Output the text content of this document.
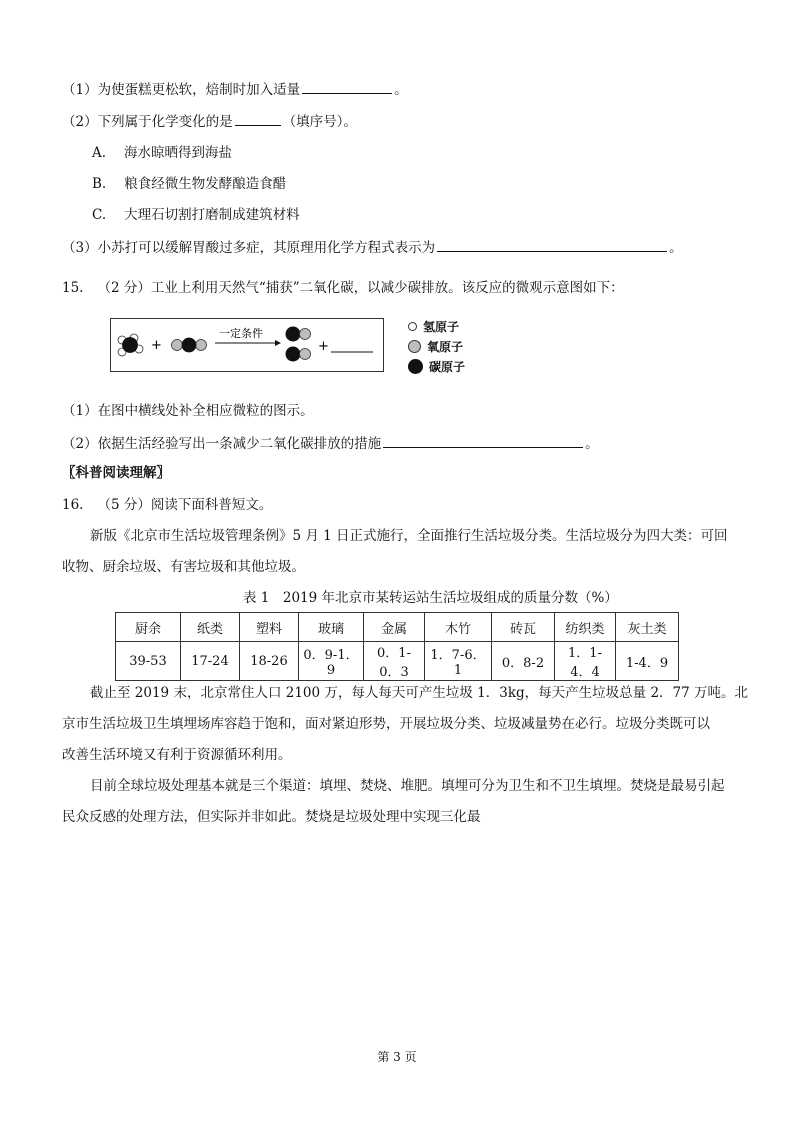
（1）为使蛋糕更松软，焙制时加入适量	。
（2）下列属于化学变化的是	（填序号）。
A. 海水晾晒得到海盐
B. 粮食经微生物发酵酿造食醋
C. 大理石切割打磨制成建筑材料
（3）小苏打可以缓解胃酸过多症，其原理用化学方程式表示为	。
15. （2 分）工业上利用天然气“捕获”二氧化碳，以减少碳排放。该反应的微观示意图如下：
+
一定条件
+
氢原子
氧原子
碳原子
（1）在图中横线处补全相应微粒的图示。
（2）依据生活经验写出一条减少二氧化碳排放的措施	。
〖科普阅读理解〗
16. （5 分）阅读下面科普短文。
新版《北京市生活垃圾管理条例》5 月 1 日正式施行，全面推行生活垃圾分类。生活垃圾分为四大类：可回
收物、厨余垃圾、有害垃圾和其他垃圾。
表 1　2019 年北京市某转运站生活垃圾组成的质量分数（%）
厨余	纸类	塑料	玻璃	金属	木竹	砖瓦	纺织类	灰土类
39-53	17-24	18-26	0．9-1．9	0．1-0．3	1．7-6．1	0．8-2	1．1-4．4	1-4．9
截止至 2019 末，北京常住人口 2100 万，每人每天可产生垃圾 1．3kg，每天产生垃圾总量 2．77 万吨。北
京市生活垃圾卫生填埋场库容趋于饱和，面对紧迫形势，开展垃圾分类、垃圾减量势在必行。垃圾分类既可以
改善生活环境又有利于资源循环利用。
目前全球垃圾处理基本就是三个渠道：填埋、焚烧、堆肥。填埋可分为卫生和不卫生填埋。焚烧是最易引起
民众反感的处理方法，但实际并非如此。焚烧是垃圾处理中实现三化最
第 3 页
